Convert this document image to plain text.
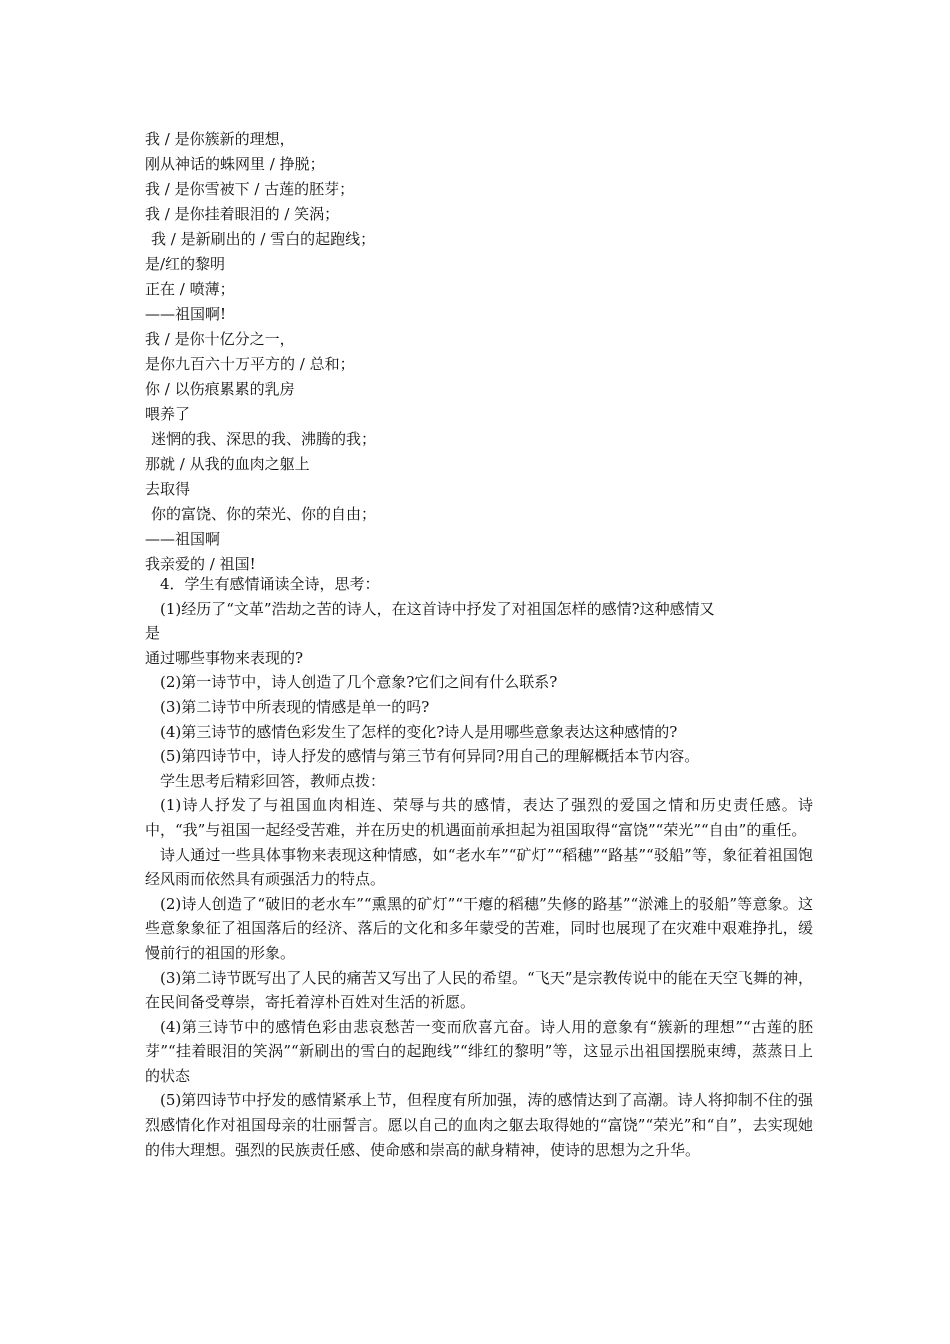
我 / 是你簇新的理想，
刚从神话的蛛网里 / 挣脱；
我 / 是你雪被下 / 古莲的胚芽；
我 / 是你挂着眼泪的 / 笑涡；
我 / 是新刷出的 / 雪白的起跑线；
是/红的黎明
正在 / 喷薄；
——祖国啊!
我 / 是你十亿分之一，
是你九百六十万平方的 / 总和；
你 / 以伤痕累累的乳房
喂养了
迷惘的我、深思的我、沸腾的我；
那就 / 从我的血肉之躯上
去取得
你的富饶、你的荣光、你的自由；
——祖国啊
我亲爱的 / 祖国!
4．学生有感情诵读全诗，思考：
(1)经历了“文革”浩劫之苦的诗人，在这首诗中抒发了对祖国怎样的感情?这种感情又
是
通过哪些事物来表现的?
(2)第一诗节中，诗人创造了几个意象?它们之间有什么联系?
(3)第二诗节中所表现的情感是单一的吗?
(4)第三诗节的感情色彩发生了怎样的变化?诗人是用哪些意象表达这种感情的?
(5)第四诗节中，诗人抒发的感情与第三节有何异同?用自己的理解概括本节内容。
学生思考后精彩回答，教师点拨：
(1)诗人抒发了与祖国血肉相连、荣辱与共的感情，表达了强烈的爱国之情和历史责任感。诗中，“我”与祖国一起经受苦难，并在历史的机遇面前承担起为祖国取得“富饶”“荣光”“自由”的重任。
诗人通过一些具体事物来表现这种情感，如“老水车”“矿灯”“稻穗”“路基”“驳船”等，象征着祖国饱经风雨而依然具有顽强活力的特点。
(2)诗人创造了“破旧的老水车”“熏黑的矿灯”“干瘪的稻穗”失修的路基”“淤滩上的驳船”等意象。这些意象象征了祖国落后的经济、落后的文化和多年蒙受的苦难，同时也展现了在灾难中艰难挣扎，缓慢前行的祖国的形象。
(3)第二诗节既写出了人民的痛苦又写出了人民的希望。“飞天”是宗教传说中的能在天空飞舞的神，在民间备受尊崇，寄托着淳朴百姓对生活的祈愿。
(4)第三诗节中的感情色彩由悲哀愁苦一变而欣喜亢奋。诗人用的意象有“簇新的理想”“古莲的胚芽”“挂着眼泪的笑涡”“新刷出的雪白的起跑线”“绯红的黎明”等，这显示出祖国摆脱束缚，蒸蒸日上的状态
(5)第四诗节中抒发的感情紧承上节，但程度有所加强，涛的感情达到了高潮。诗人将抑制不住的强烈感情化作对祖国母亲的壮丽誓言。愿以自己的血肉之躯去取得她的“富饶”“荣光”和“自”，去实现她的伟大理想。强烈的民族责任感、使命感和崇高的献身精神，使诗的思想为之升华。
